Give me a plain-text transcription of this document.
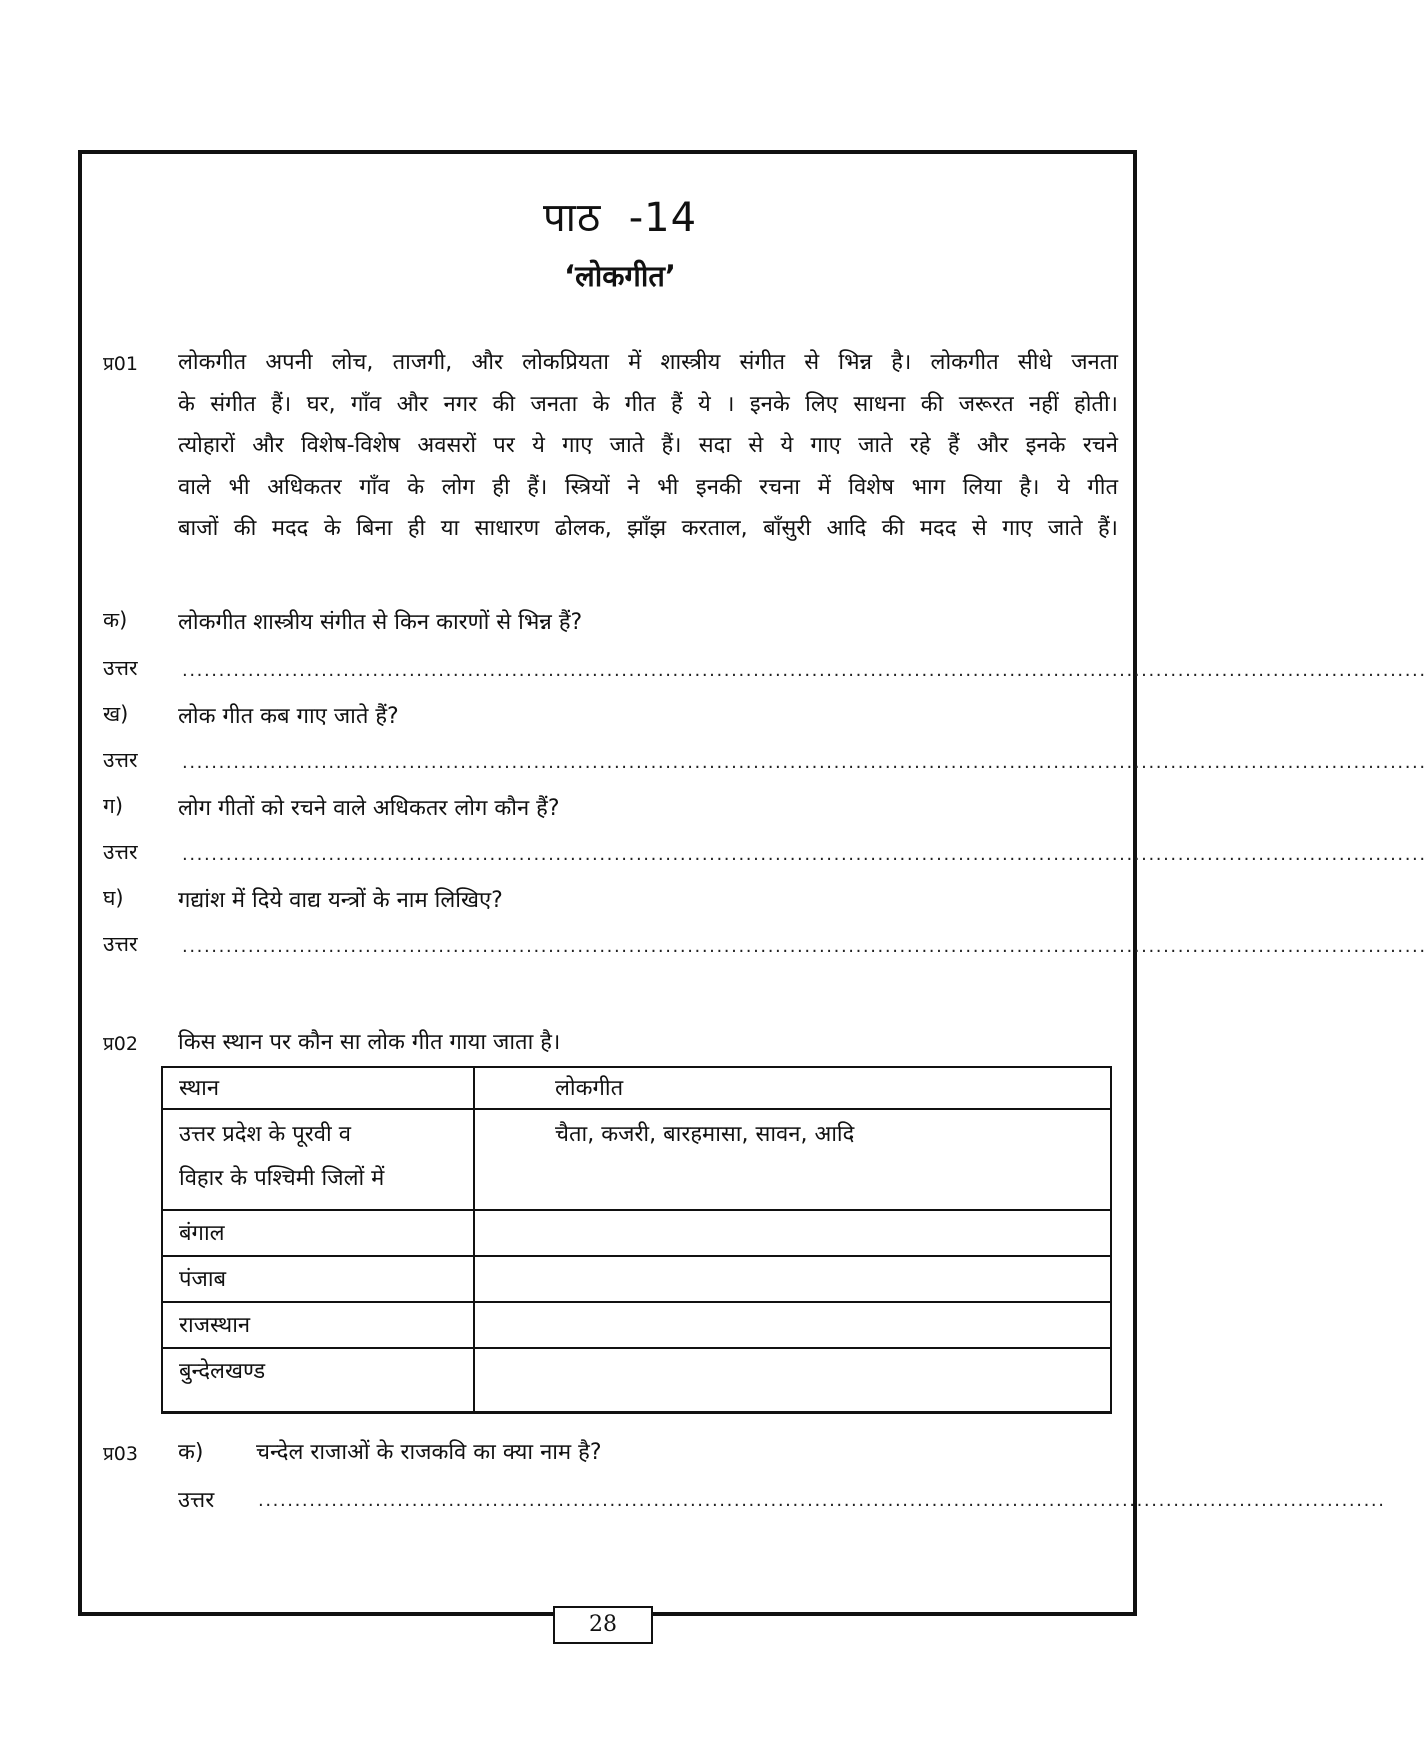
पाठ  -14
‘लोकगीत’
प्र01 लोकगीत अपनी लोच, ताजगी, और लोकप्रियता में शास्त्रीय संगीत से भिन्न है। लोकगीत सीधे जनता
के संगीत हैं। घर, गाँव और नगर की जनता के गीत हैं ये । इनके लिए साधना की जरूरत नहीं होती।
त्योहारों और विशेष-विशेष अवसरों पर ये गाए जाते हैं। सदा से ये गाए जाते रहे हैं और इनके रचने
वाले भी अधिकतर गाँव के लोग ही हैं। स्त्रियों ने भी इनकी रचना में विशेष भाग लिया है। ये गीत
बाजों की मदद के बिना ही या साधारण ढोलक, झाँझ करताल, बाँसुरी आदि की मदद से गाए जाते हैं।
क) लोकगीत शास्त्रीय संगीत से किन कारणों से भिन्न हैं?
उत्तर ..........................................................................................................................................................................
ख) लोक गीत कब गाए जाते हैं?
उत्तर ..........................................................................................................................................................................
ग) लोग गीतों को रचने वाले अधिकतर लोग कौन हैं?
उत्तर ..........................................................................................................................................................................
घ) गद्यांश में दिये वाद्य यन्त्रों के नाम लिखिए?
उत्तर ..........................................................................................................................................................................
प्र02 किस स्थान पर कौन सा लोक गीत गाया जाता है।
स्थान	लोकगीत

उत्तर प्रदेश के पूरवी व
विहार के पश्चिमी जिलों में	चैता, कजरी, बारहमासा, सावन, आदि
बंगाल	
पंजाब	
राजस्थान	
बुन्देलखण्ड	
प्र03 क) चन्देल राजाओं के राजकवि का क्या नाम है?
उत्तर ..........................................................................................................................................................
28
